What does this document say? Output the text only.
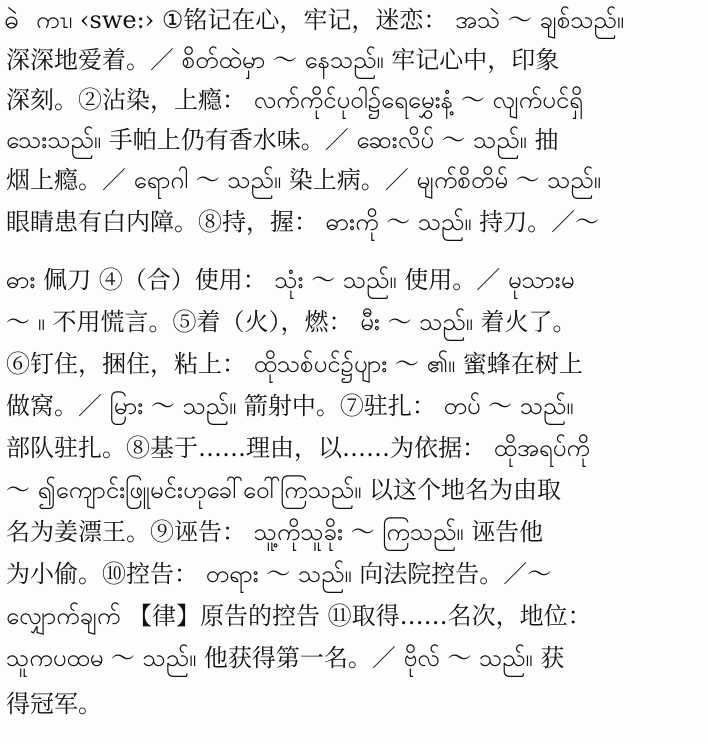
ဓဲ ကၤ‌၊ ‹swe:› ①铭记在心，牢记，迷恋： အသဲ ～ ချစ်သည်။
深深地爱着。／ စိတ်ထဲမှာ ～ နေသည်။ 牢记心中，印象
深刻。②沾染，上瘾： လက်ကိုင်ပုဝါ၌ရေမွှေးနံ့ ～ လျက်ပင်ရှိ
သေးသည်။ 手帕上仍有香水味。／ ဆေးလိပ် ～ သည်။ 抽
烟上瘾。／ ရောဂါ ～ သည်။ 染上病。／ မျက်စိတိမ် ～ သည်။
眼睛患有白内障。⑧持，握： ဓားကို ～ သည်။ 持刀。／～
ဓား 佩刀 ④（合）使用： သုံး ～ သည်။ 使用。／ မုသားမ
～ ။ 不用慌言。⑤着（火），燃： မီး ～ သည်။ 着火了。
⑥钉住，捆住，粘上： ထိုသစ်ပင်၌ပျား ～ ၏။ 蜜蜂在树上
做窝。／ မြား ～ သည်။ 箭射中。⑦驻扎： တပ် ～ သည်။
部队驻扎。⑧基于……理由，以……为依据： ထိုအရပ်ကို
～ ၍ကျောင်းဖြူမင်းဟုခေါ်ဝေါ်ကြသည်။ 以这个地名为由取
名为姜漂王。⑨诬告： သူ့ကိုသူခိုး ～ ကြသည်။ 诬告他
为小偷。⑩控告： တရား ～ သည်။ 向法院控告。／～
လျှောက်ချက် 【律】原告的控告 ⑪取得……名次，地位：
သူကပထမ ～ သည်။ 他获得第一名。／ ဗိုလ် ～ သည်။ 获
得冠军。
